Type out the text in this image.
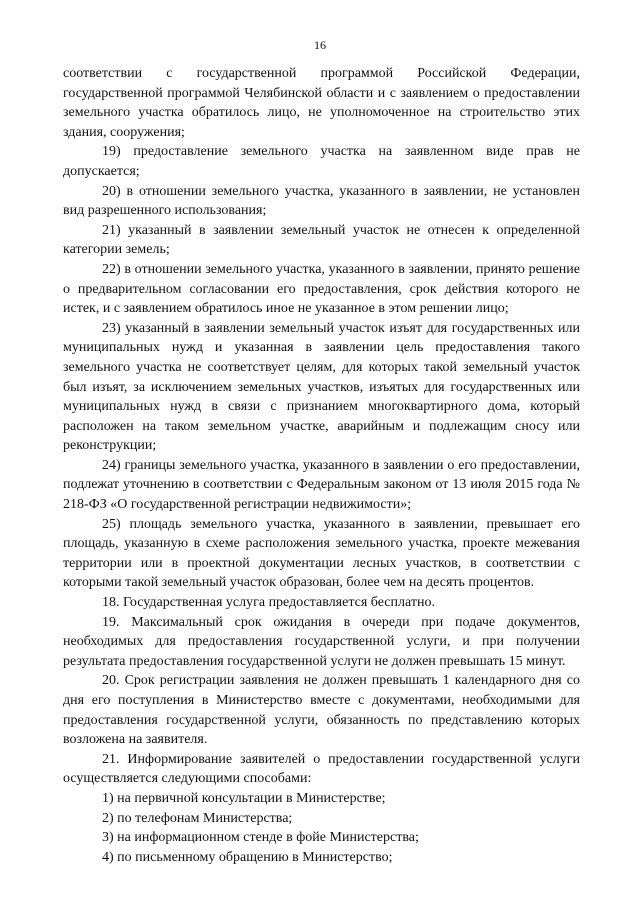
16

соответствии с государственной программой Российской Федерации, государственной программой Челябинской области и с заявлением о предоставлении земельного участка обратилось лицо, не уполномоченное на строительство этих здания, сооружения;

19) предоставление земельного участка на заявленном виде прав не допускается;

20) в отношении земельного участка, указанного в заявлении, не установлен вид разрешенного использования;

21) указанный в заявлении земельный участок не отнесен к определенной категории земель;

22) в отношении земельного участка, указанного в заявлении, принято решение о предварительном согласовании его предоставления, срок действия которого не истек, и с заявлением обратилось иное не указанное в этом решении лицо;

23) указанный в заявлении земельный участок изъят для государственных или муниципальных нужд и указанная в заявлении цель предоставления такого земельного участка не соответствует целям, для которых такой земельный участок был изъят, за исключением земельных участков, изъятых для государственных или муниципальных нужд в связи с признанием многоквартирного дома, который расположен на таком земельном участке, аварийным и подлежащим сносу или реконструкции;

24) границы земельного участка, указанного в заявлении о его предоставлении, подлежат уточнению в соответствии с Федеральным законом от 13 июля 2015 года № 218-ФЗ «О государственной регистрации недвижимости»;

25) площадь земельного участка, указанного в заявлении, превышает его площадь, указанную в схеме расположения земельного участка, проекте межевания территории или в проектной документации лесных участков, в соответствии с которыми такой земельный участок образован, более чем на десять процентов.

18. Государственная услуга предоставляется бесплатно.

19. Максимальный срок ожидания в очереди при подаче документов, необходимых для предоставления государственной услуги, и при получении результата предоставления государственной услуги не должен превышать 15 минут.

20. Срок регистрации заявления не должен превышать 1 календарного дня со дня его поступления в Министерство вместе с документами, необходимыми для предоставления государственной услуги, обязанность по представлению которых возложена на заявителя.

21. Информирование заявителей о предоставлении государственной услуги осуществляется следующими способами:

1) на первичной консультации в Министерстве;

2) по телефонам Министерства;

3) на информационном стенде в фойе Министерства;

4) по письменному обращению в Министерство;
